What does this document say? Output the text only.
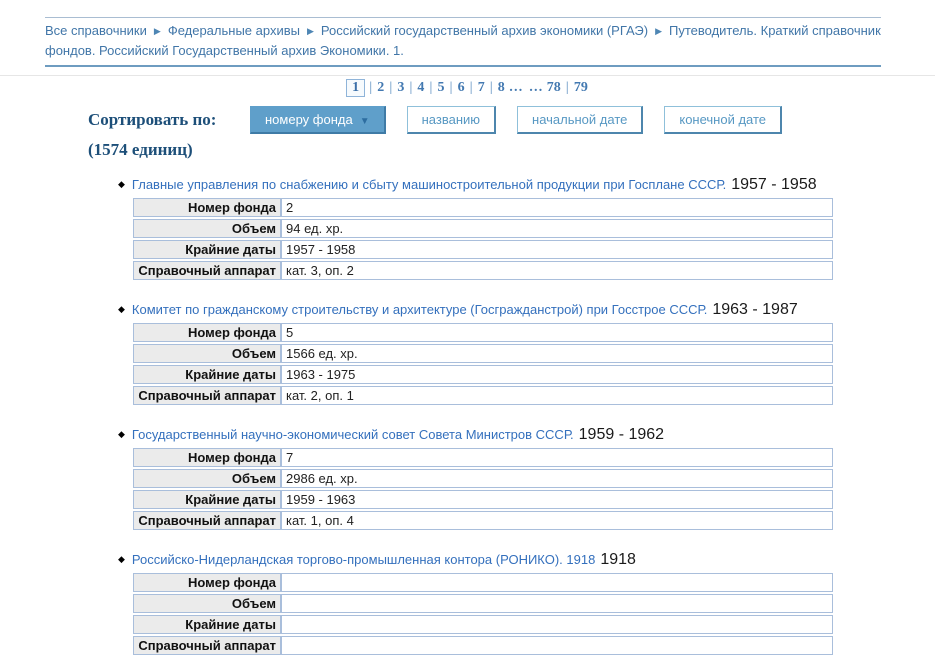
Все справочники ▶ Федеральные архивы ▶ Российский государственный архив экономики (РГАЭ) ▶ Путеводитель. Краткий справочник фондов. Российский Государственный архив Экономики. 1.
1 | 2 | 3 | 4 | 5 | 6 | 7 | 8 … … 78 | 79
Сортировать по:	номеру фонда ▼	названию	начальной дате	конечной дате
(1574 единиц)
◆ Главные управления по снабжению и сбыту машиностроительной продукции при Госплане СССР. 1957 - 1958
Номер фонда	2
Объем	94 ед. хр.
Крайние даты	1957 - 1958
Справочный аппарат	кат. 3, оп. 2
◆ Комитет по гражданскому строительству и архитектуре (Госгражданстрой) при Госстрое СССР. 1963 - 1987
Номер фонда	5
Объем	1566 ед. хр.
Крайние даты	1963 - 1975
Справочный аппарат	кат. 2, оп. 1
◆ Государственный научно-экономический совет Совета Министров СССР. 1959 - 1962
Номер фонда	7
Объем	2986 ед. хр.
Крайние даты	1959 - 1963
Справочный аппарат	кат. 1, оп. 4
◆ Российско-Нидерландская торгово-промышленная контора (РОНИКО). 1918 1918
Номер фонда	
Объем	
Крайние даты	
Справочный аппарат	
